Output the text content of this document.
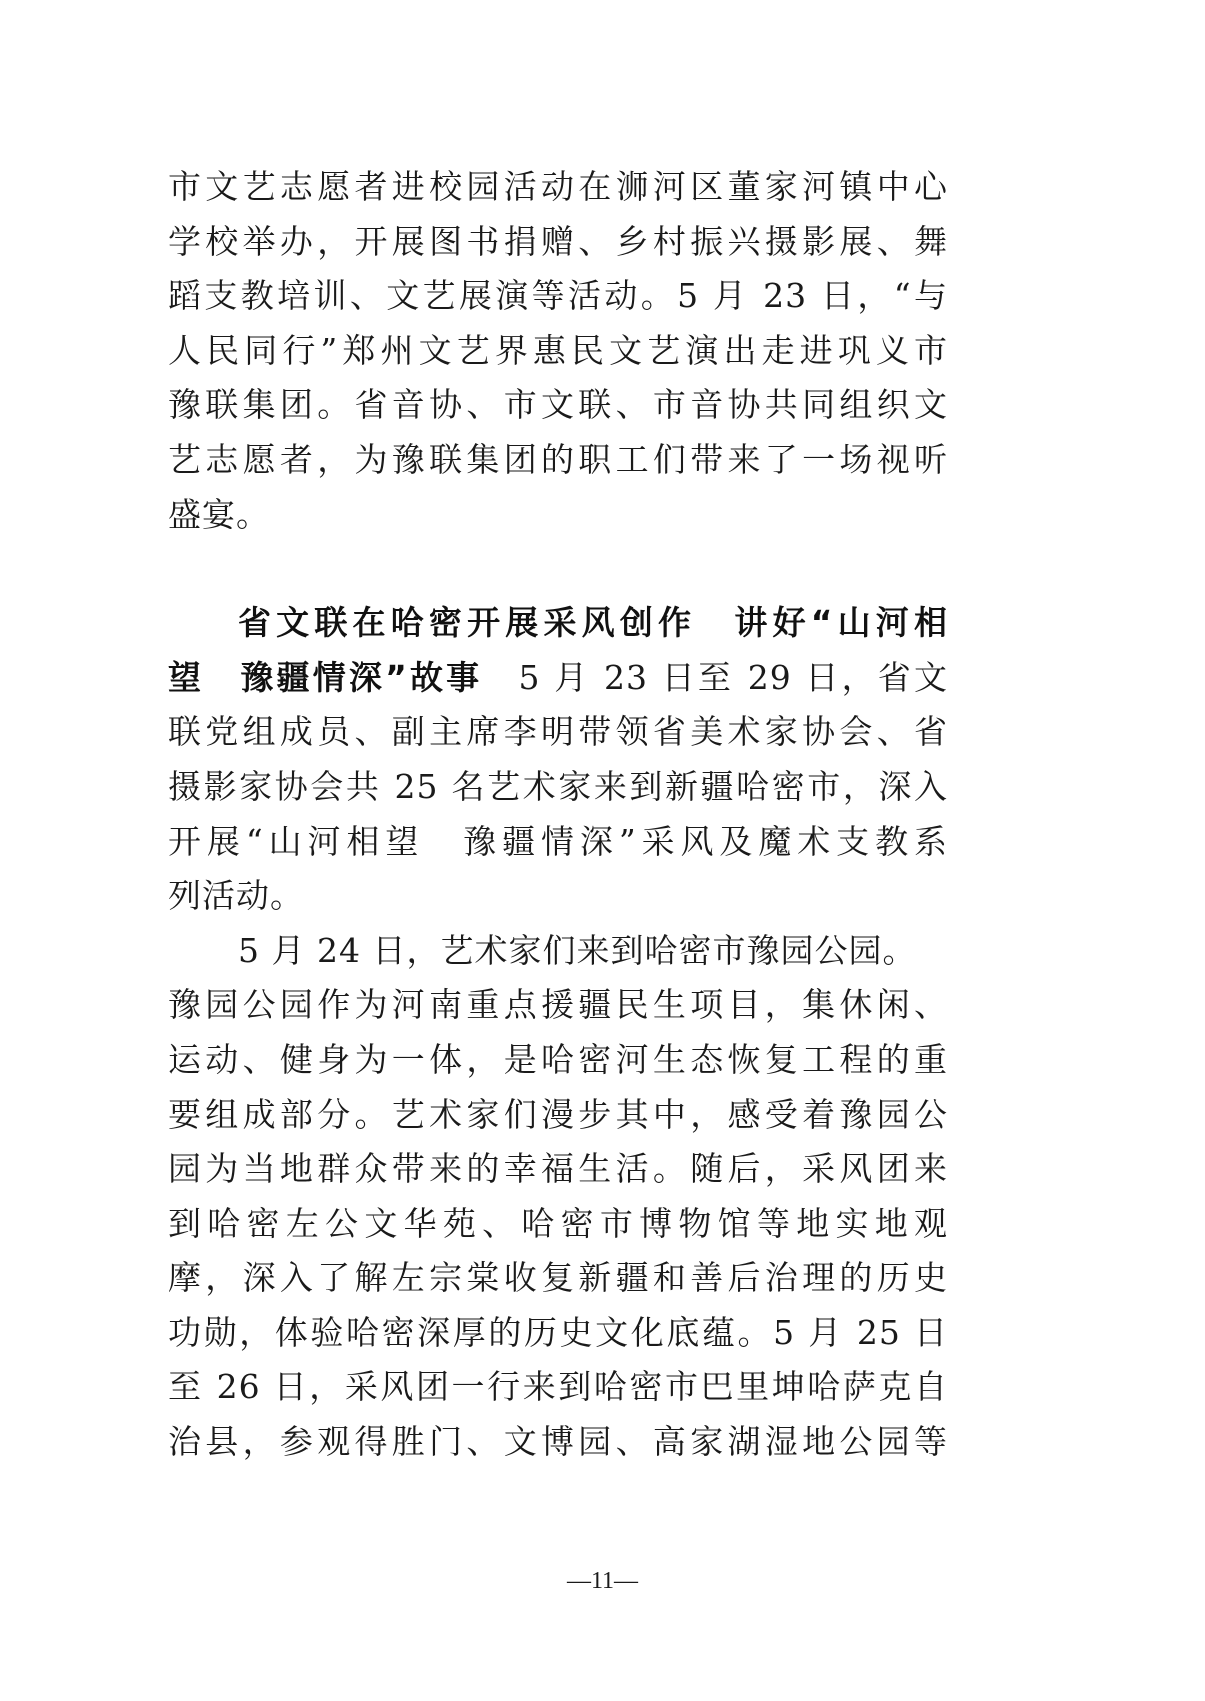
市文艺志愿者进校园活动在浉河区董家河镇中心
学校举办，开展图书捐赠、乡村振兴摄影展、舞
蹈支教培训、文艺展演等活动。5 月 23 日，“与
人民同行”郑州文艺界惠民文艺演出走进巩义市
豫联集团。省音协、市文联、市音协共同组织文
艺志愿者，为豫联集团的职工们带来了一场视听
盛宴。
省文联在哈密开展采风创作　讲好“山河相
望　豫疆情深”故事　5 月 23 日至 29 日，省文
联党组成员、副主席李明带领省美术家协会、省
摄影家协会共 25 名艺术家来到新疆哈密市，深入
开展“山河相望　豫疆情深”采风及魔术支教系
列活动。
5 月 24 日，艺术家们来到哈密市豫园公园。
豫园公园作为河南重点援疆民生项目，集休闲、
运动、健身为一体，是哈密河生态恢复工程的重
要组成部分。艺术家们漫步其中，感受着豫园公
园为当地群众带来的幸福生活。随后，采风团来
到哈密左公文华苑、哈密市博物馆等地实地观
摩，深入了解左宗棠收复新疆和善后治理的历史
功勋，体验哈密深厚的历史文化底蕴。5 月 25 日
至 26 日，采风团一行来到哈密市巴里坤哈萨克自
治县，参观得胜门、文博园、高家湖湿地公园等
—11—
